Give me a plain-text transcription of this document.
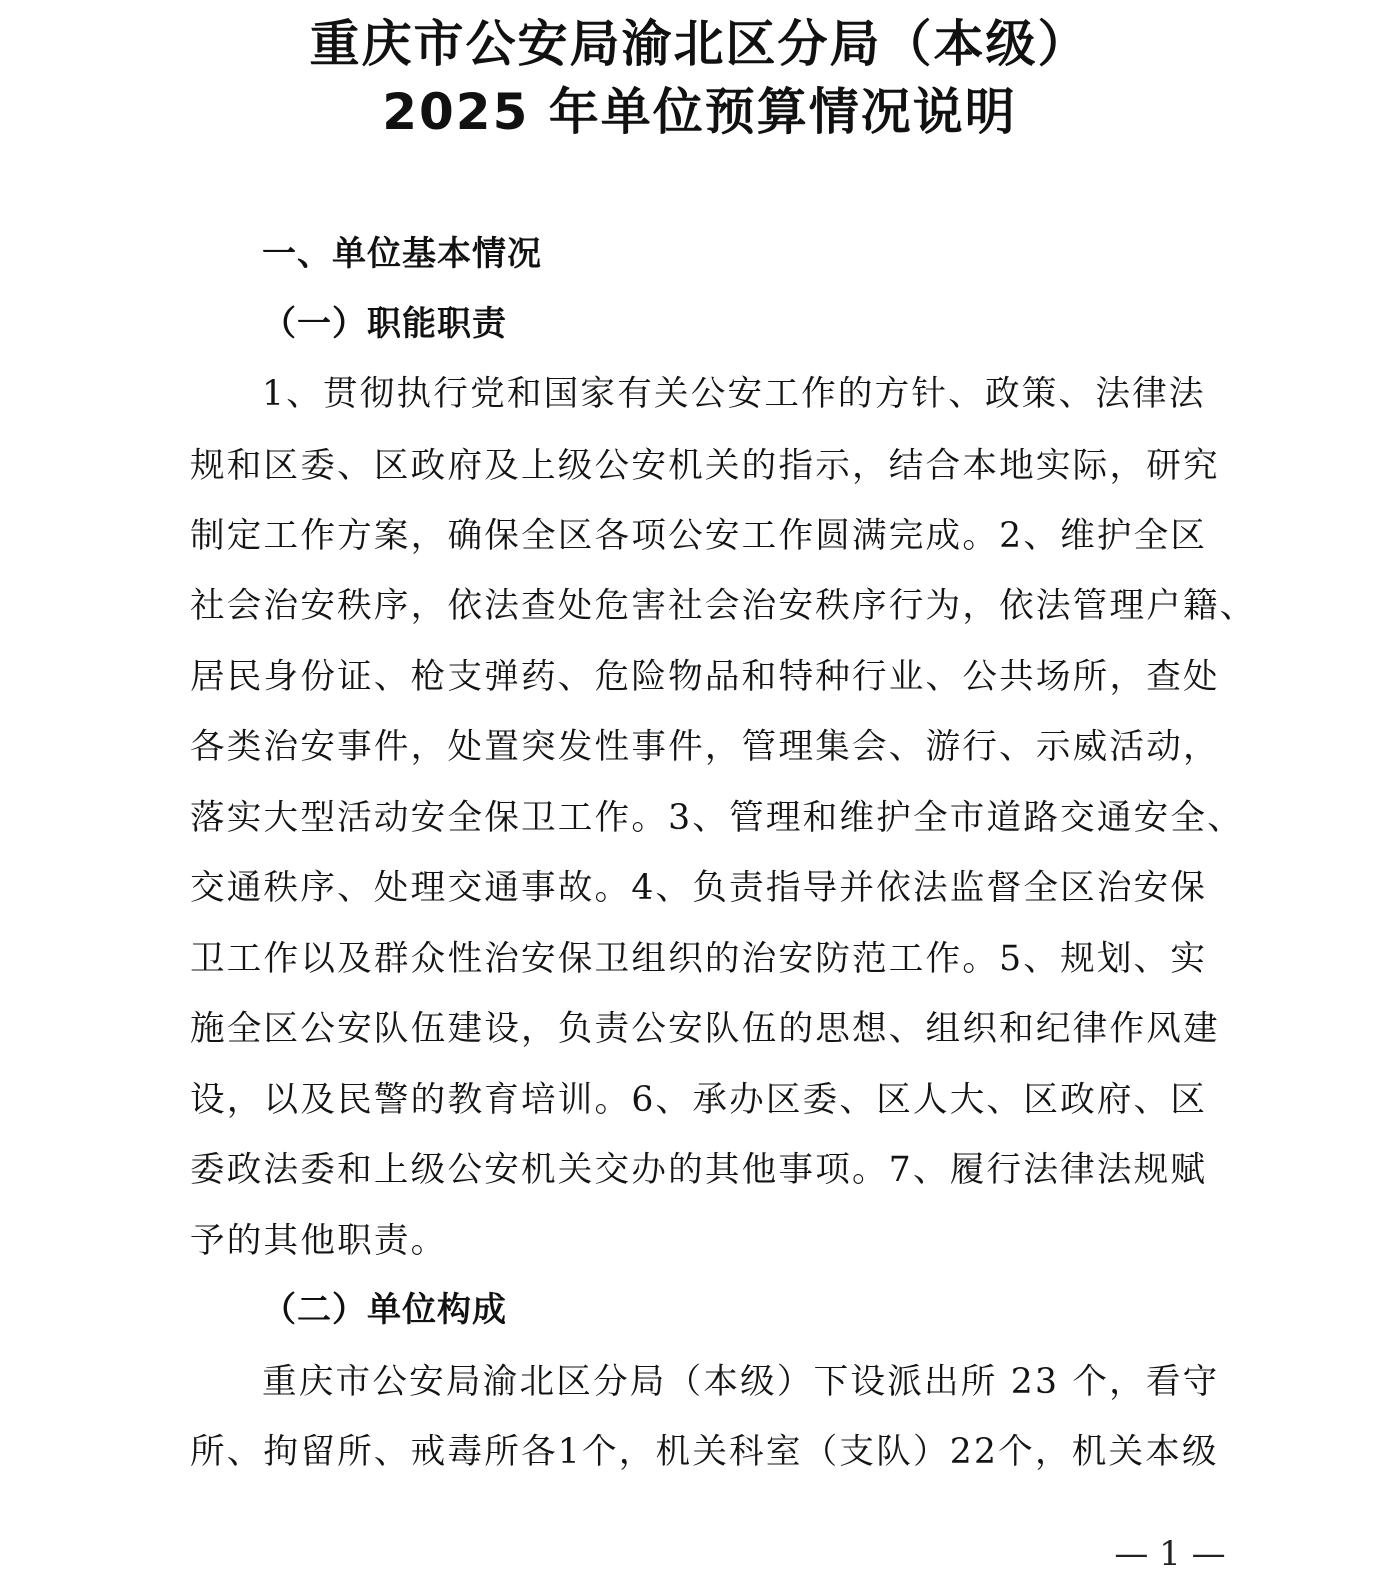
重庆市公安局渝北区分局（本级）
2025 年单位预算情况说明
一、单位基本情况
（一）职能职责
1、贯彻执行党和国家有关公安工作的方针、政策、法律法
规和区委、区政府及上级公安机关的指示，结合本地实际，研究
制定工作方案，确保全区各项公安工作圆满完成。2、维护全区
社会治安秩序，依法查处危害社会治安秩序行为，依法管理户籍、
居民身份证、枪支弹药、危险物品和特种行业、公共场所，查处
各类治安事件，处置突发性事件，管理集会、游行、示威活动，
落实大型活动安全保卫工作。3、管理和维护全市道路交通安全、
交通秩序、处理交通事故。4、负责指导并依法监督全区治安保
卫工作以及群众性治安保卫组织的治安防范工作。5、规划、实
施全区公安队伍建设，负责公安队伍的思想、组织和纪律作风建
设，以及民警的教育培训。6、承办区委、区人大、区政府、区
委政法委和上级公安机关交办的其他事项。7、履行法律法规赋
予的其他职责。
（二）单位构成
重庆市公安局渝北区分局（本级）下设派出所 23 个，看守
所、拘留所、戒毒所各1个，机关科室（支队）22个，机关本级
— 1 —
